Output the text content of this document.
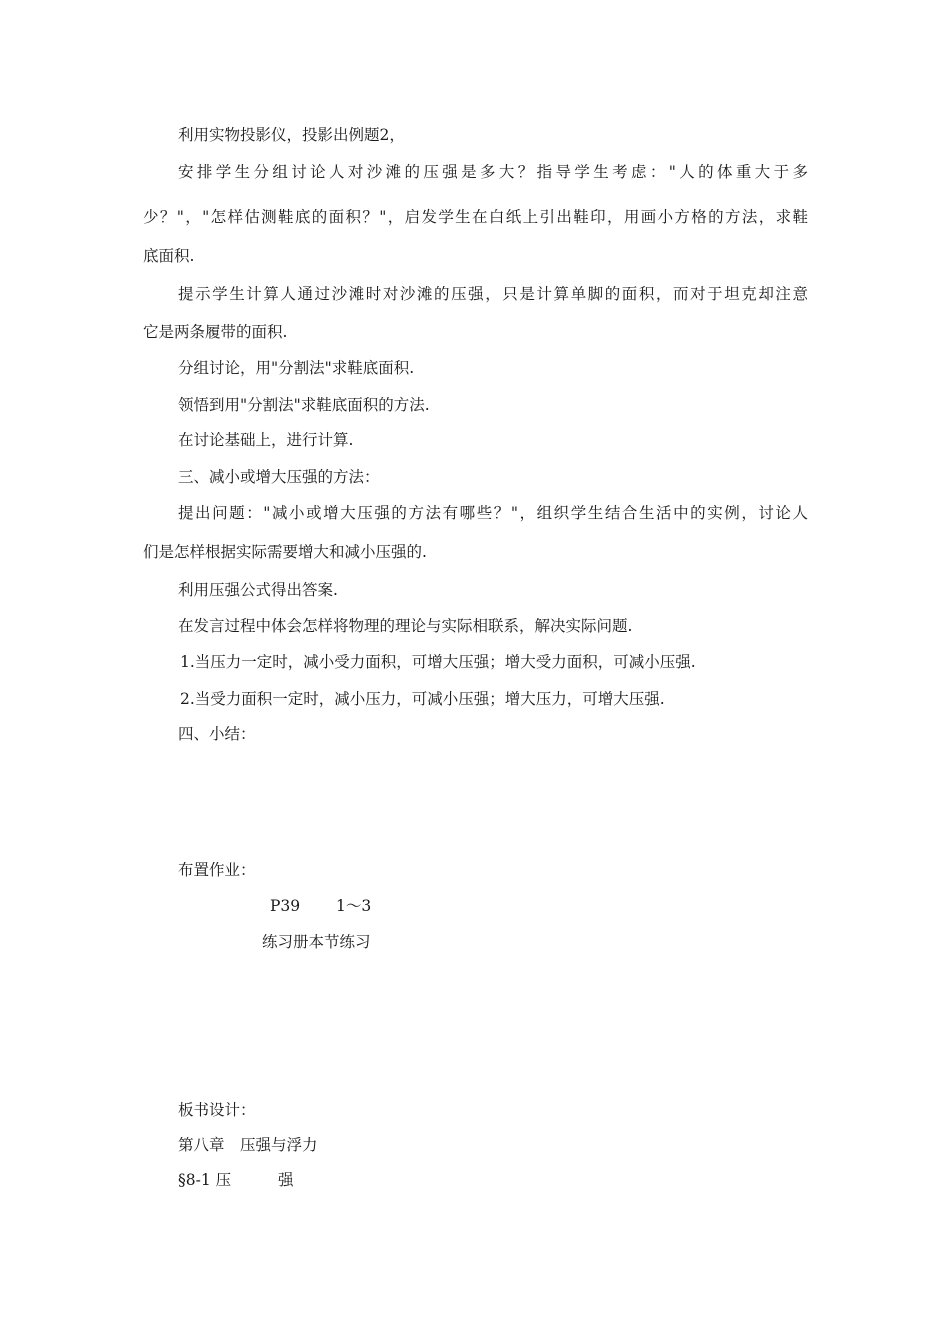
利用实物投影仪，投影出例题2，
安排学生分组讨论人对沙滩的压强是多大？指导学生考虑："人的体重大于多
少？"，"怎样估测鞋底的面积？"，启发学生在白纸上引出鞋印，用画小方格的方法，求鞋
底面积.
提示学生计算人通过沙滩时对沙滩的压强，只是计算单脚的面积，而对于坦克却注意
它是两条履带的面积.
分组讨论，用"分割法"求鞋底面积.
领悟到用"分割法"求鞋底面积的方法.
在讨论基础上，进行计算.
三、减小或增大压强的方法：
提出问题："减小或增大压强的方法有哪些？"，组织学生结合生活中的实例，讨论人
们是怎样根据实际需要增大和减小压强的.
利用压强公式得出答案.
在发言过程中体会怎样将物理的理论与实际相联系，解决实际问题.
1.当压力一定时，减小受力面积，可增大压强；增大受力面积，可减小压强.
2.当受力面积一定时，减小压力，可减小压强；增大压力，可增大压强.
四、小结：
布置作业：
P39 1～3
练习册本节练习
板书设计：
第八章　压强与浮力
§8-1 压	强
